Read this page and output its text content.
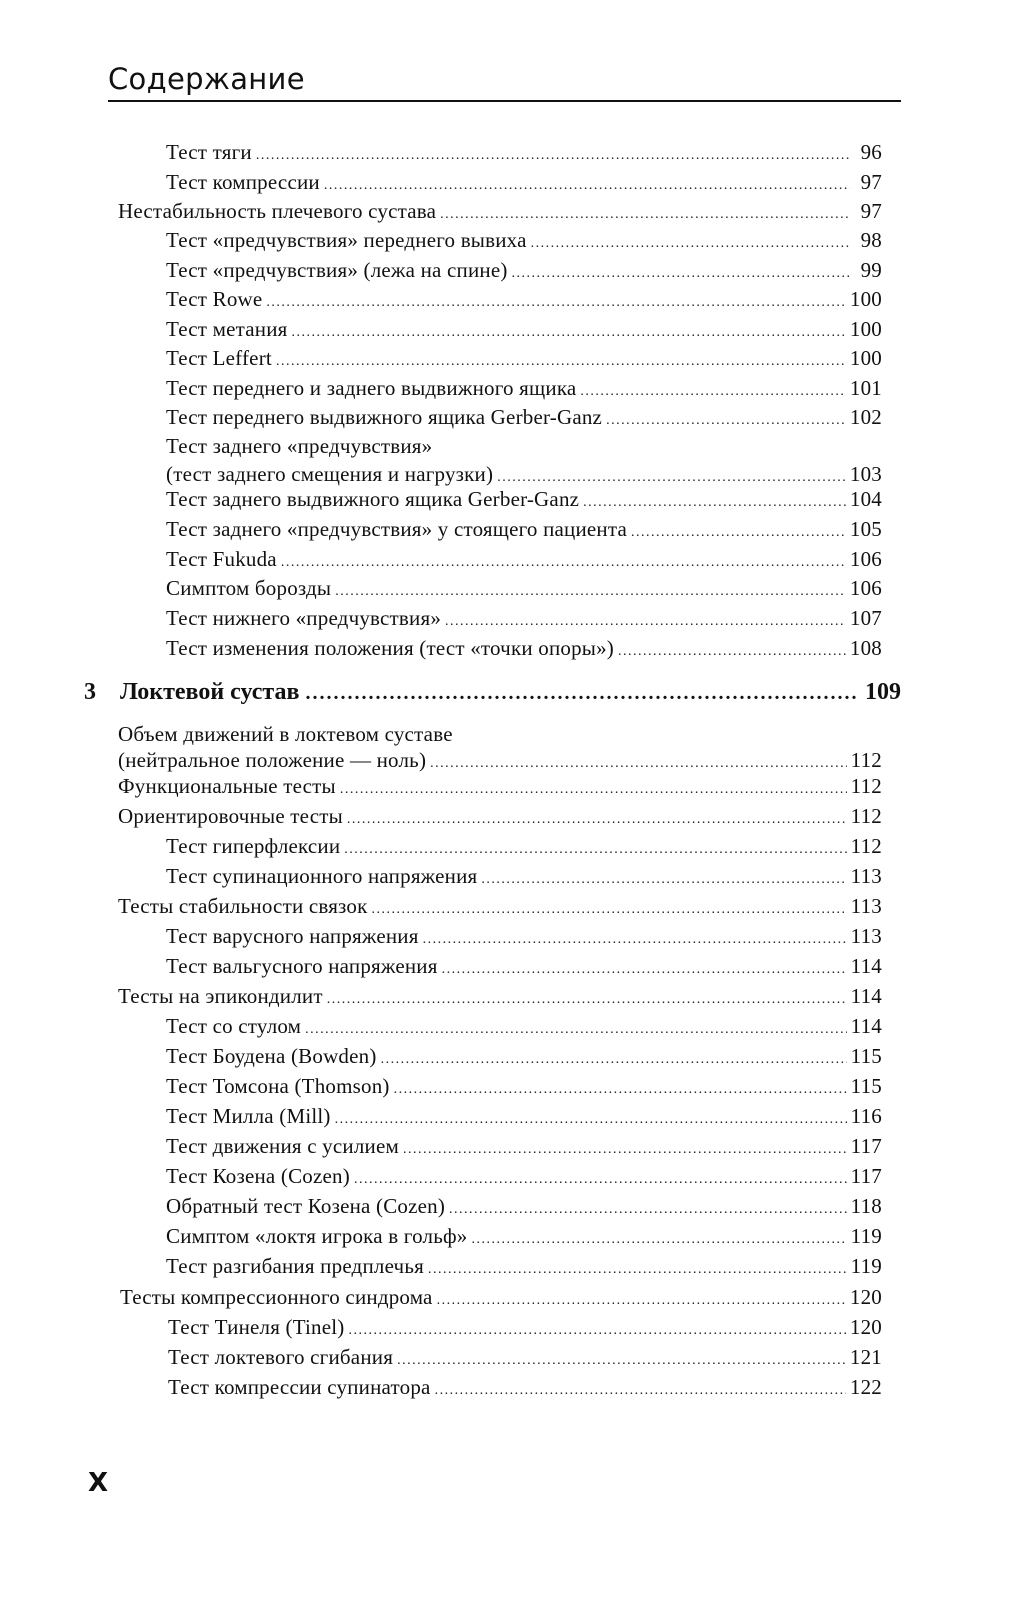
Содержание
Тест тяги .....	96
Тест компрессии .....	97
Нестабильность плечевого сустава .....	97
Тест «предчувствия» переднего вывиха .....	98
Тест «предчувствия» (лежа на спине) .....	99
Тест Rowe .....	100
Тест метания .....	100
Тест Leffert .....	100
Тест переднего и заднего выдвижного ящика .....	101
Тест переднего выдвижного ящика Gerber-Ganz .....	102
Тест заднего «предчувствия»
(тест заднего смещения и нагрузки) .....	103
Тест заднего выдвижного ящика Gerber-Ganz .....	104
Тест заднего «предчувствия» у стоящего пациента .....	105
Тест Fukuda .....	106
Симптом борозды .....	106
Тест нижнего «предчувствия» .....	107
Тест изменения положения (тест «точки опоры») .....	108
3	Локтевой сустав .....	109
Объем движений в локтевом суставе
(нейтральное положение — ноль) .....	112
Функциональные тесты .....	112
Ориентировочные тесты .....	112
Тест гиперфлексии .....	112
Тест супинационного напряжения .....	113
Тесты стабильности связок .....	113
Тест варусного напряжения .....	113
Тест вальгусного напряжения .....	114
Тесты на эпикондилит .....	114
Тест со стулом .....	114
Тест Боудена (Bowden) .....	115
Тест Томсона (Thomson) .....	115
Тест Милла (Mill) .....	116
Тест движения с усилием .....	117
Тест Козена (Cozen) .....	117
Обратный тест Козена (Cozen) .....	118
Симптом «локтя игрока в гольф» .....	119
Тест разгибания предплечья .....	119
Тесты компрессионного синдрома .....	120
Тест Тинеля (Tinel) .....	120
Тест локтевого сгибания .....	121
Тест компрессии супинатора .....	122
X
